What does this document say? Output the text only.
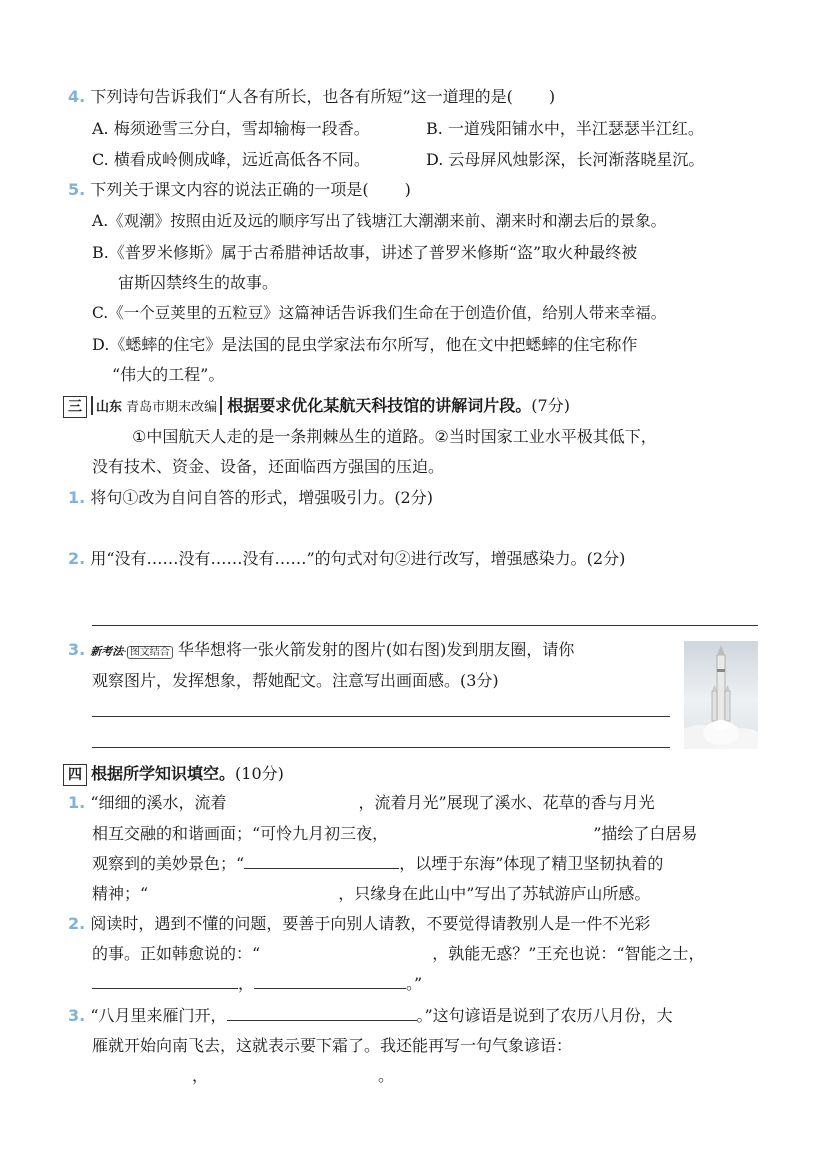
4. 下列诗句告诉我们“人各有所长，也各有所短”这一道理的是( )
A. 梅须逊雪三分白，雪却输梅一段香。	B. 一道残阳铺水中，半江瑟瑟半江红。
C. 横看成岭侧成峰，远近高低各不同。	D. 云母屏风烛影深，长河渐落晓星沉。
5. 下列关于课文内容的说法正确的一项是( )
A.《观潮》按照由近及远的顺序写出了钱塘江大潮潮来前、潮来时和潮去后的景象。
B.《普罗米修斯》属于古希腊神话故事，讲述了普罗米修斯“盗”取火种最终被
宙斯囚禁终生的故事。
C.《一个豆荚里的五粒豆》这篇神话告诉我们生命在于创造价值，给别人带来幸福。
D.《蟋蟀的住宅》是法国的昆虫学家法布尔所写，他在文中把蟋蟀的住宅称作
“伟大的工程”。
三 山东 青岛市期末改编 根据要求优化某航天科技馆的讲解词片段。(7分)
①中国航天人走的是一条荆棘丛生的道路。②当时国家工业水平极其低下，
没有技术、资金、设备，还面临西方强国的压迫。
1. 将句①改为自问自答的形式，增强吸引力。(2分)
2. 用“没有……没有……没有……”的句式对句②进行改写，增强感染力。(2分)
3. 新考法· 图文结合 华华想将一张火箭发射的图片(如右图)发到朋友圈，请你
观察图片，发挥想象，帮她配文。注意写出画面感。(3分)
四 根据所学知识填空。(10分)
1. “细细的溪水，流着	，流着月光”展现了溪水、花草的香与月光
相互交融的和谐画面；“可怜九月初三夜，	”描绘了白居易
观察到的美妙景色；“	，以堙于东海”体现了精卫坚韧执着的
精神；“	，只缘身在此山中”写出了苏轼游庐山所感。
2. 阅读时，遇到不懂的问题，要善于向别人请教，不要觉得请教别人是一件不光彩
的事。正如韩愈说的：“	，孰能无惑？”王充也说：“智能之士，
，	。”
3. “八月里来雁门开，	。”这句谚语是说到了农历八月份，大
雁就开始向南飞去，这就表示要下霜了。我还能再写一句气象谚语：
，	。
